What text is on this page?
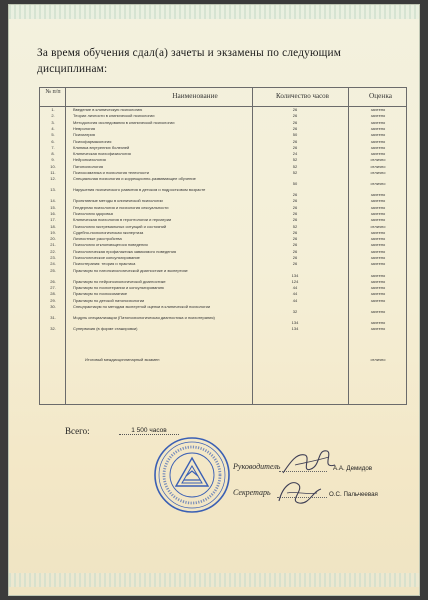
За время обучения сдал(а) зачеты и экзамены по следующим дисциплинам:
№ п/п	Наименование	Количество часов	Оценка
1.	Введение в клиническую психологию	26	зачтено
2.	Теории личности в клинической психологии	26	зачтено
3.	Методология исследования в клинической психологии	26	зачтено
4.	Неврология	26	зачтено
5.	Психиатрия	50	зачтено
6.	Психофармакология	26	зачтено
7.	Клиника внутренних болезней	26	зачтено
8.	Клиническая психофизиология	24	зачтено
9.	Нейропсихология	52	отлично
10.	Патопсихология	52	отлично
11.	Психосоматика и психология телесности	52	отлично
12.	Специальная психология и коррекционно-развивающее обучение
50	отлично
13.	Нарушения психического развития в детском и подростковом возрасте
26	зачтено
14.	Проективные методы в клинической психологии	26	зачтено
15.	Гендерная психология и психология сексуальности	26	зачтено
16.	Психология здоровья	26	зачтено
17.	Клиническая психология в геронтологии и гериатрии	26	зачтено
18.	Психология экстремальных ситуаций и состояний	52	отлично
19.	Судебно-психологическая экспертиза	26	зачтено
20.	Личностные расстройства	26	зачтено
21.	Психология отклоняющегося поведения	26	зачтено
22.	Психологическая профилактика зависимого поведения	26	зачтено
23.	Психологическое консультирование	26	зачтено
24.	Психотерапия: теория и практика	26	зачтено
25.	Практикум по патопсихологической диагностике и экспертизе
134	зачтено
26.	Практикум по нейропсихологической диагностике	124	зачтено
27.	Практикум по психотерапии и консультированию	44	зачтено
28.	Практикум по психосоматике	44	зачтено
29.	Практикум по детской патопсихологии	44	зачтено
30.	Спецпрактикум по методам экспертной оценки в клинической психологии
32	зачтено
31.	Модуль специализации (Патопсихологическая диагностика и психотерапия)
134	зачтено
32.	Супервизия (в форме стажировки)	134	зачтено
Итоговый междисциплинарный экзамен	отлично
Всего:	1 500 часов
Руководитель	А.А. Демидов
Секретарь	О.С. Пальчеевая
